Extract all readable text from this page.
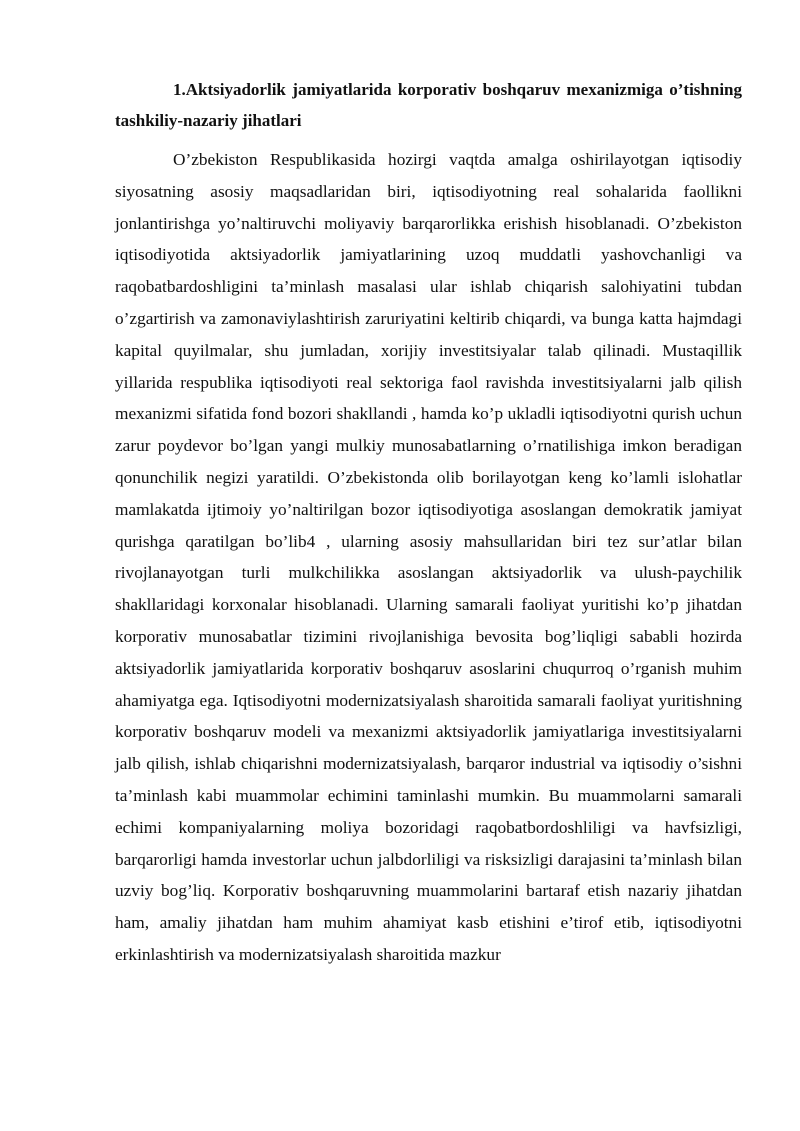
1.Aktsiyadorlik jamiyatlarida korporativ boshqaruv mexanizmiga o’tishning tashkiliy-nazariy jihatlari

O’zbekiston Respublikasida hozirgi vaqtda amalga oshirilayotgan iqtisodiy siyosatning asosiy maqsadlaridan biri, iqtisodiyotning real sohalarida faollikni jonlantirishga yo’naltiruvchi moliyaviy barqarorlikka erishish hisoblanadi. O’zbekiston iqtisodiyotida aktsiyadorlik jamiyatlarining uzoq muddatli yashovchanligi va raqobatbardoshligini ta’minlash masalasi ular ishlab chiqarish salohiyatini tubdan o’zgartirish va zamonaviylashtirish zaruriyatini keltirib chiqardi, va bunga katta hajmdagi kapital quyilmalar, shu jumladan, xorijiy investitsiyalar talab qilinadi. Mustaqillik yillarida respublika iqtisodiyoti real sektoriga faol ravishda investitsiyalarni jalb qilish mexanizmi sifatida fond bozori shakllandi , hamda ko’p ukladli iqtisodiyotni qurish uchun zarur poydevor bo’lgan yangi mulkiy munosabatlarning o’rnatilishiga imkon beradigan qonunchilik negizi yaratildi. O’zbekistonda olib borilayotgan keng ko’lamli islohatlar mamlakatda ijtimoiy yo’naltirilgan bozor iqtisodiyotiga asoslangan demokratik jamiyat qurishga qaratilgan bo’lib4 , ularning asosiy mahsullaridan biri tez sur’atlar bilan rivojlanayotgan turli mulkchilikka asoslangan aktsiyadorlik va ulush-paychilik shakllaridagi korxonalar hisoblanadi. Ularning samarali faoliyat yuritishi ko’p jihatdan korporativ munosabatlar tizimini rivojlanishiga bevosita bog’liqligi sababli hozirda aktsiyadorlik jamiyatlarida korporativ boshqaruv asoslarini chuqurroq o’rganish muhim ahamiyatga ega. Iqtisodiyotni modernizatsiyalash sharoitida samarali faoliyat yuritishning korporativ boshqaruv modeli va mexanizmi aktsiyadorlik jamiyatlariga investitsiyalarni jalb qilish, ishlab chiqarishni modernizatsiyalash, barqaror industrial va iqtisodiy o’sishni ta’minlash kabi muammolar echimini taminlashi mumkin. Bu muammolarni samarali echimi kompaniyalarning moliya bozoridagi raqobatbordoshliligi va havfsizligi, barqarorligi hamda investorlar uchun jalbdorliligi va risksizligi darajasini ta’minlash bilan uzviy bog’liq. Korporativ boshqaruvning muammolarini bartaraf etish nazariy jihatdan ham, amaliy jihatdan ham muhim ahamiyat kasb etishini e’tirof etib, iqtisodiyotni erkinlashtirish va modernizatsiyalash sharoitida mazkur
